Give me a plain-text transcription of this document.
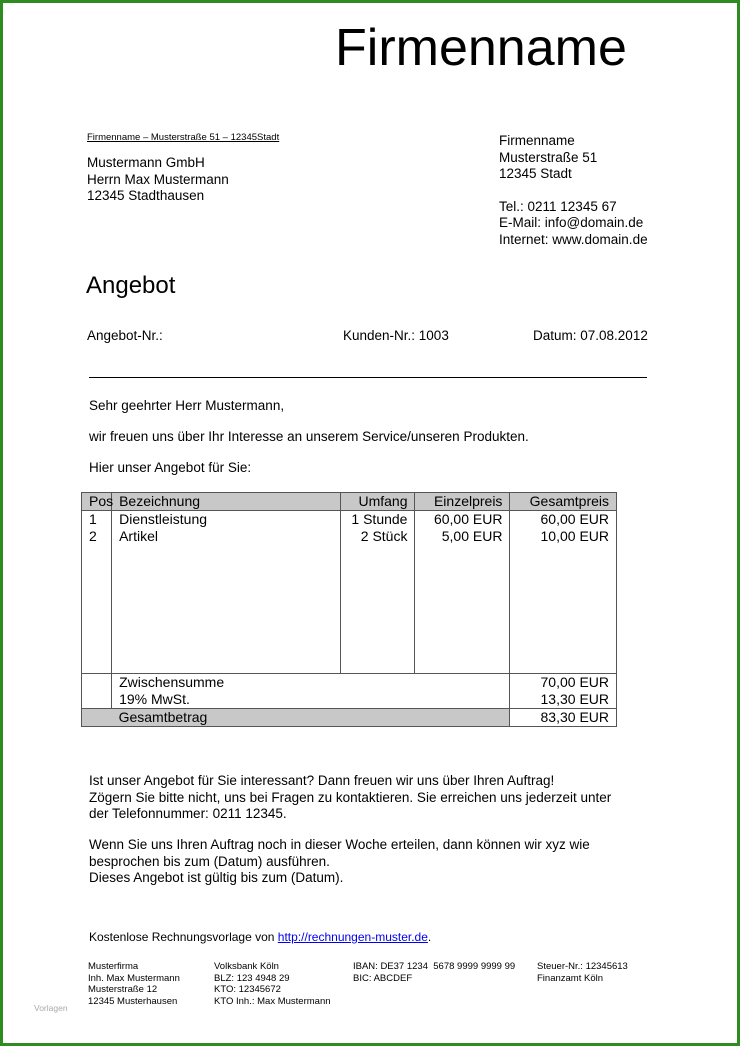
Firmenname
Firmenname – Musterstraße 51 – 12345Stadt
Mustermann GmbH
Herrn Max Mustermann
12345 Stadthausen
Firmenname
Musterstraße 51
12345 Stadt
Tel.: 0211 12345 67
E-Mail: info@domain.de
Internet: www.domain.de
Angebot
Angebot-Nr.:	Kunden-Nr.: 1003	Datum: 07.08.2012
Sehr geehrter Herr Mustermann,
wir freuen uns über Ihr Interesse an unserem Service/unseren Produkten.
Hier unser Angebot für Sie:
Pos	Bezeichnung	Umfang	Einzelpreis	Gesamtpreis
1	Dienstleistung	1 Stunde	60,00 EUR	60,00 EUR
2	Artikel	2 Stück	5,00 EUR	10,00 EUR

	Zwischensumme			70,00 EUR
	19% MwSt.			13,30 EUR
	Gesamtbetrag			83,30 EUR
Ist unser Angebot für Sie interessant? Dann freuen wir uns über Ihren Auftrag!
Zögern Sie bitte nicht, uns bei Fragen zu kontaktieren. Sie erreichen uns jederzeit unter
der Telefonnummer: 0211 12345.
Wenn Sie uns Ihren Auftrag noch in dieser Woche erteilen, dann können wir xyz wie
besprochen bis zum (Datum) ausführen.
Dieses Angebot ist gültig bis zum (Datum).
Kostenlose Rechnungsvorlage von http://rechnungen-muster.de.
Musterfirma
Inh. Max Mustermann
Musterstraße 12
12345 Musterhausen
Volksbank Köln
BLZ: 123 4948 29
KTO: 12345672
KTO Inh.: Max Mustermann
IBAN: DE37 1234  5678 9999 9999 99
BIC: ABCDEF
Steuer-Nr.: 12345613
Finanzamt Köln
Vorlagen
